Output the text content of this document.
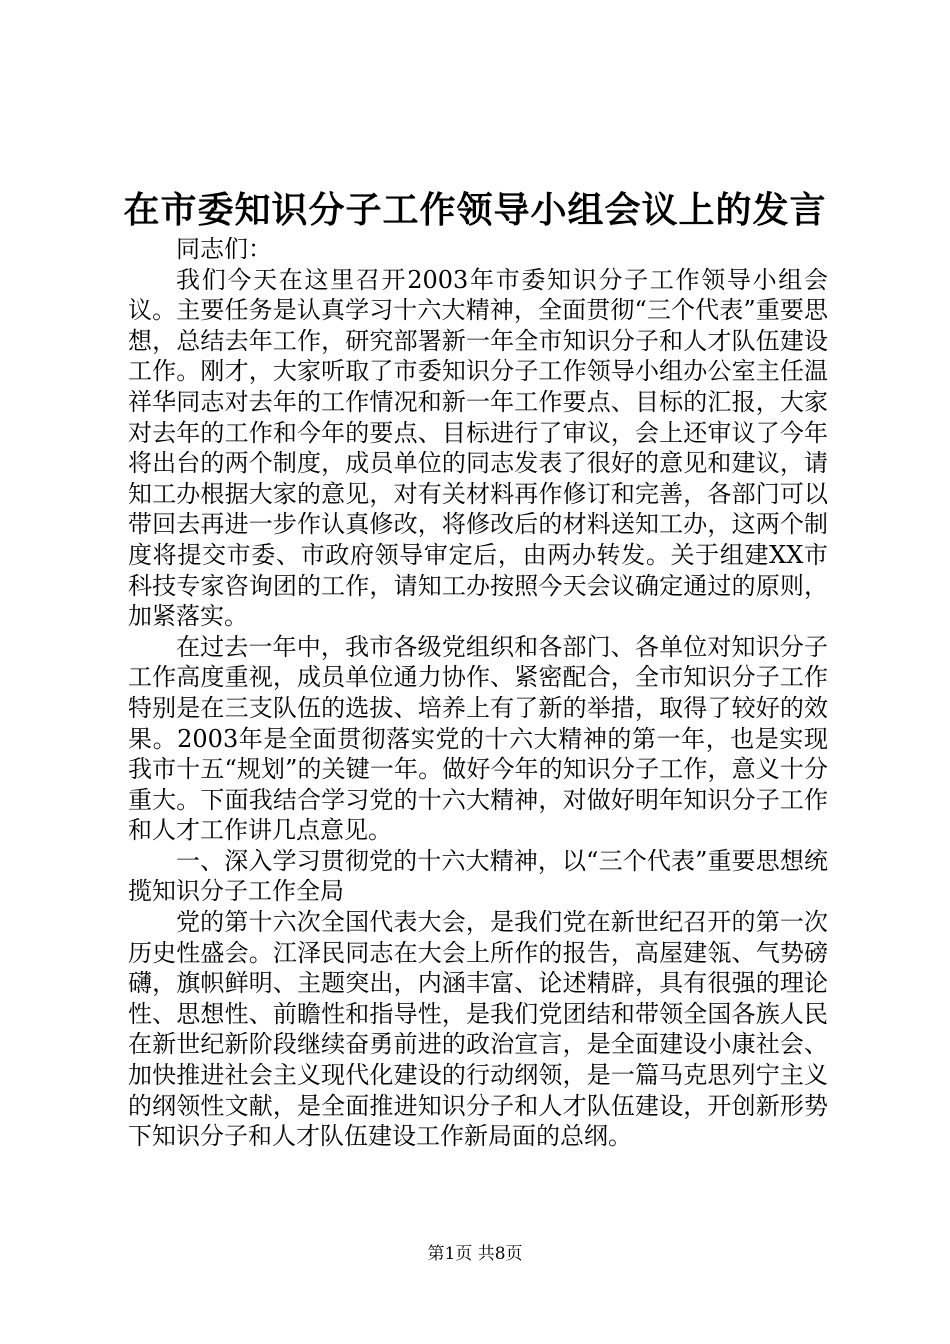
在市委知识分子工作领导小组会议上的发言

同志们：

我们今天在这里召开2003年市委知识分子工作领导小组会议。主要任务是认真学习十六大精神，全面贯彻“三个代表”重要思想，总结去年工作，研究部署新一年全市知识分子和人才队伍建设工作。刚才，大家听取了市委知识分子工作领导小组办公室主任温祥华同志对去年的工作情况和新一年工作要点、目标的汇报，大家对去年的工作和今年的要点、目标进行了审议，会上还审议了今年将出台的两个制度，成员单位的同志发表了很好的意见和建议，请知工办根据大家的意见，对有关材料再作修订和完善，各部门可以带回去再进一步作认真修改，将修改后的材料送知工办，这两个制度将提交市委、市政府领导审定后，由两办转发。关于组建XX市科技专家咨询团的工作，请知工办按照今天会议确定通过的原则，加紧落实。

在过去一年中，我市各级党组织和各部门、各单位对知识分子工作高度重视，成员单位通力协作、紧密配合，全市知识分子工作特别是在三支队伍的选拔、培养上有了新的举措，取得了较好的效果。2003年是全面贯彻落实党的十六大精神的第一年，也是实现我市十五“规划”的关键一年。做好今年的知识分子工作，意义十分重大。下面我结合学习党的十六大精神，对做好明年知识分子工作和人才工作讲几点意见。

一、深入学习贯彻党的十六大精神，以“三个代表”重要思想统揽知识分子工作全局

党的第十六次全国代表大会，是我们党在新世纪召开的第一次历史性盛会。江泽民同志在大会上所作的报告，高屋建瓴、气势磅礴，旗帜鲜明、主题突出，内涵丰富、论述精辟，具有很强的理论性、思想性、前瞻性和指导性，是我们党团结和带领全国各族人民在新世纪新阶段继续奋勇前进的政治宣言，是全面建设小康社会、加快推进社会主义现代化建设的行动纲领，是一篇马克思列宁主义的纲领性文献，是全面推进知识分子和人才队伍建设，开创新形势下知识分子和人才队伍建设工作新局面的总纲。

第1页 共8页
